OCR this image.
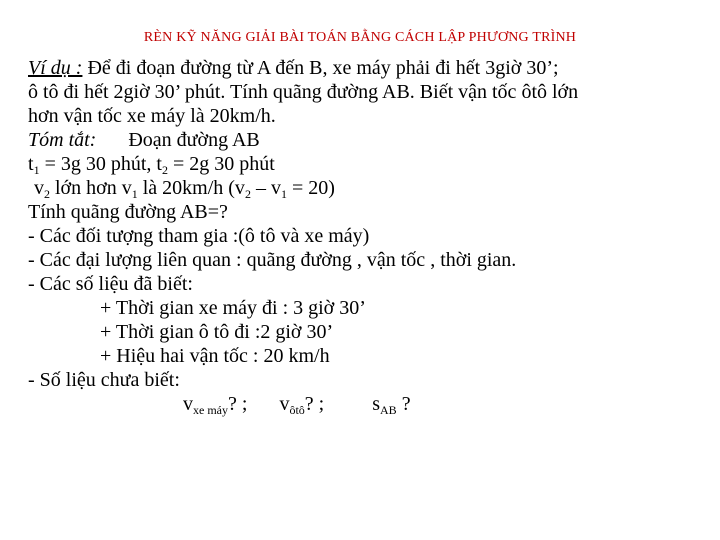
RÈN KỸ NĂNG GIẢI BÀI TOÁN BẰNG CÁCH LẬP PHƯƠNG TRÌNH
Ví dụ : Để đi đoạn đường từ A đến B, xe máy phải đi hết 3giờ 30’;
ô tô đi hết 2giờ 30’ phút. Tính quãng đường AB. Biết vận tốc ôtô lớn
hơn vận tốc xe máy là 20km/h.
Tóm tắt: Đoạn đường AB
$t_1 = 3g$ 30 phút, $t_2 = 2g$ 30 phút
$v_2$ lớn hơn $v_1$ là 20km/h $(v_2 - v_1 = 20)$
Tính quãng đường AB=?
- Các đối tượng tham gia :(ô tô và xe máy)
- Các đại lượng liên quan : quãng đường , vận tốc , thời gian.
- Các số liệu đã biết:
+ Thời gian xe máy đi : 3 giờ 30’
+ Thời gian ô tô đi :2 giờ 30’
+ Hiệu hai vận tốc : 20 km/h
- Số liệu chưa biết:
$v_{xe máy}$? ; $v_{ôtô}$? ; $s_{AB}$ ?
